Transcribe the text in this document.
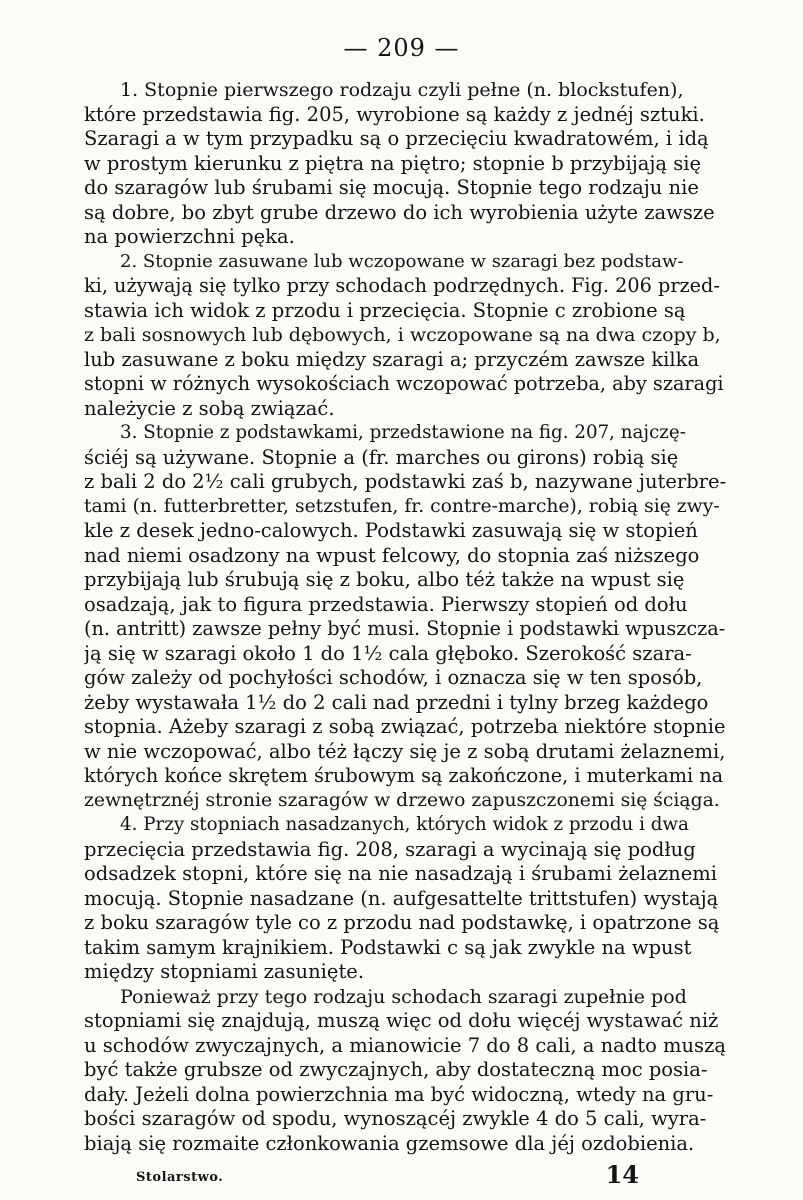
— 209 —
1. Stopnie pierwszego rodzaju czyli pełne (n. blockstufen),
które przedstawia fig. 205, wyrobione są każdy z jednéj sztuki.
Szaragi a w tym przypadku są o przecięciu kwadratowém, i idą
w prostym kierunku z piętra na piętro; stopnie b przybijają się
do szaragów lub śrubami się mocują. Stopnie tego rodzaju nie
są dobre, bo zbyt grube drzewo do ich wyrobienia użyte zawsze
na powierzchni pęka.
2. Stopnie zasuwane lub wczopowane w szaragi bez podstaw-
ki, używają się tylko przy schodach podrzędnych. Fig. 206 przed-
stawia ich widok z przodu i przecięcia. Stopnie c zrobione są
z bali sosnowych lub dębowych, i wczopowane są na dwa czopy b,
lub zasuwane z boku między szaragi a; przyczém zawsze kilka
stopni w różnych wysokościach wczopować potrzeba, aby szaragi
należycie z sobą związać.
3. Stopnie z podstawkami, przedstawione na fig. 207, najczę-
ściéj są używane. Stopnie a (fr. marches ou girons) robią się
z bali 2 do 2½ cali grubych, podstawki zaś b, nazywane juterbre-
tami (n. futterbretter, setzstufen, fr. contre-marche), robią się zwy-
kle z desek jedno-calowych. Podstawki zasuwają się w stopień
nad niemi osadzony na wpust felcowy, do stopnia zaś niższego
przybijają lub śrubują się z boku, albo téż także na wpust się
osadzają, jak to figura przedstawia. Pierwszy stopień od dołu
(n. antritt) zawsze pełny być musi. Stopnie i podstawki wpuszcza-
ją się w szaragi około 1 do 1½ cala głęboko. Szerokość szara-
gów zależy od pochyłości schodów, i oznacza się w ten sposób,
żeby wystawała 1½ do 2 cali nad przedni i tylny brzeg każdego
stopnia. Ażeby szaragi z sobą związać, potrzeba niektóre stopnie
w nie wczopować, albo téż łączy się je z sobą drutami żelaznemi,
których końce skrętem śrubowym są zakończone, i muterkami na
zewnętrznéj stronie szaragów w drzewo zapuszczonemi się ściąga.
4. Przy stopniach nasadzanych, których widok z przodu i dwa
przecięcia przedstawia fig. 208, szaragi a wycinają się podług
odsadzek stopni, które się na nie nasadzają i śrubami żelaznemi
mocują. Stopnie nasadzane (n. aufgesattelte trittstufen) wystają
z boku szaragów tyle co z przodu nad podstawkę, i opatrzone są
takim samym krajnikiem. Podstawki c są jak zwykle na wpust
między stopniami zasunięte.
Ponieważ przy tego rodzaju schodach szaragi zupełnie pod
stopniami się znajdują, muszą więc od dołu więcéj wystawać niż
u schodów zwyczajnych, a mianowicie 7 do 8 cali, a nadto muszą
być także grubsze od zwyczajnych, aby dostateczną moc posia-
dały. Jeżeli dolna powierzchnia ma być widoczną, wtedy na gru-
bości szaragów od spodu, wynoszącéj zwykle 4 do 5 cali, wyra-
biają się rozmaite członkowania gzemsowe dla jéj ozdobienia.
Stolarstwo.	14
